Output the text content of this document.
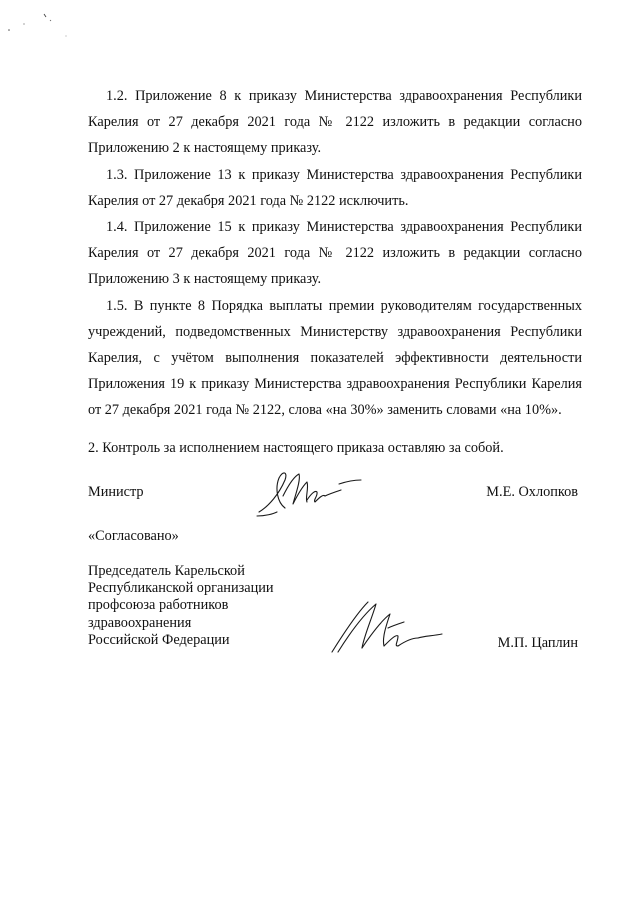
1.2. Приложение 8 к приказу Министерства здравоохранения Республики Карелия от 27 декабря 2021 года № 2122 изложить в редакции согласно Приложению 2 к настоящему приказу.

1.3. Приложение 13 к приказу Министерства здравоохранения Республики Карелия от 27 декабря 2021 года № 2122 исключить.

1.4. Приложение 15 к приказу Министерства здравоохранения Республики Карелия от 27 декабря 2021 года № 2122 изложить в редакции согласно Приложению 3 к настоящему приказу.

1.5. В пункте 8 Порядка выплаты премии руководителям государственных учреждений, подведомственных Министерству здравоохранения Республики Карелия, с учётом выполнения показателей эффективности деятельности Приложения 19 к приказу Министерства здравоохранения Республики Карелия от 27 декабря 2021 года № 2122, слова «на 30%» заменить словами «на 10%».

2. Контроль за исполнением настоящего приказа оставляю за собой.
Министр	М.Е. Охлопков
«Согласовано»
Председатель Карельской
Республиканской организации
профсоюза работников
здравоохранения
Российской Федерации	М.П. Цаплин
